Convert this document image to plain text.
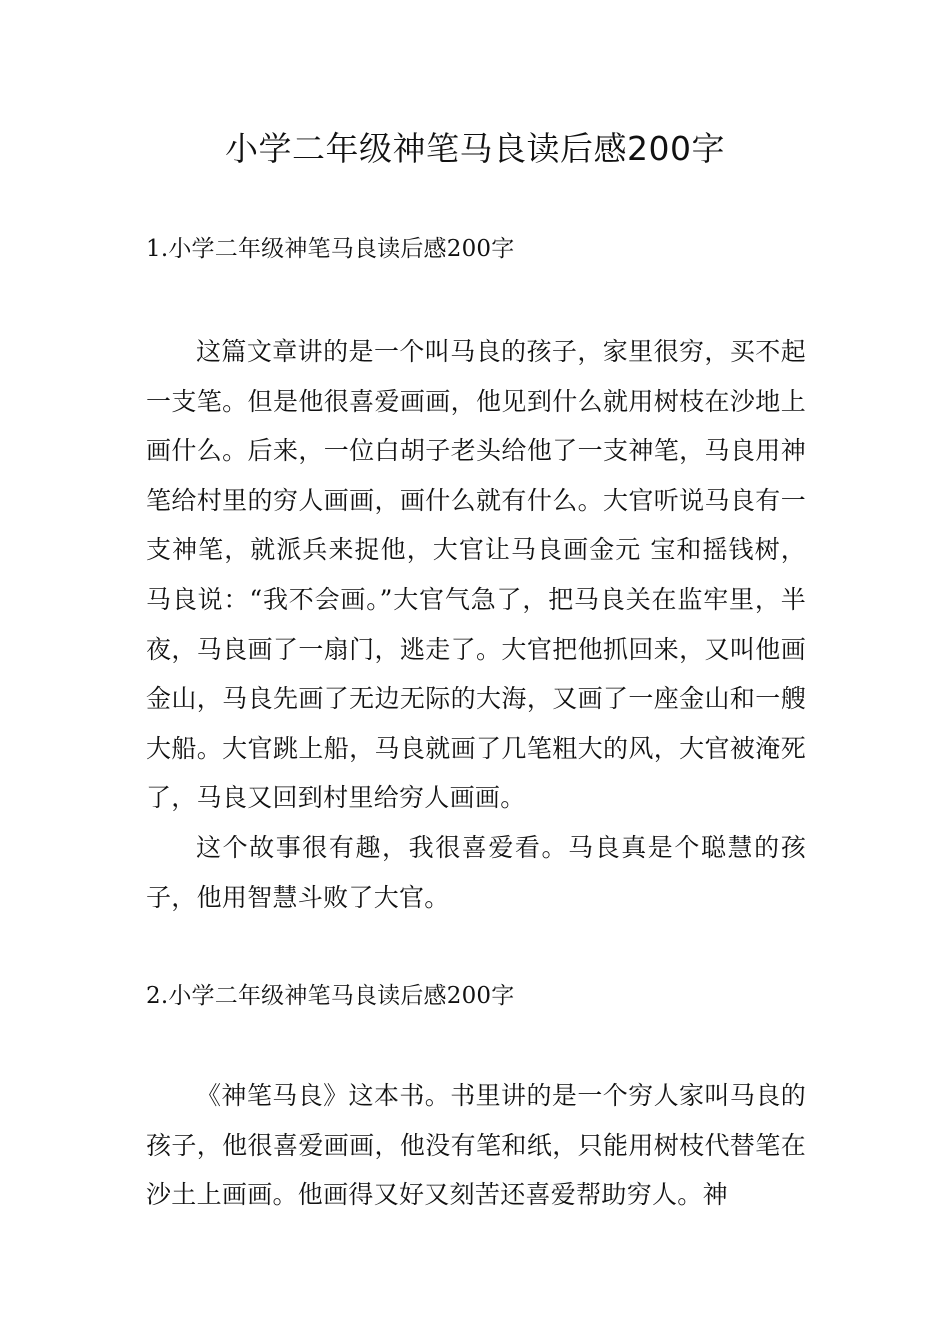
小学二年级神笔马良读后感200字
1.小学二年级神笔马良读后感200字

这篇文章讲的是一个叫马良的孩子，家里很穷，买不起一支笔。但是他很喜爱画画，他见到什么就用树枝在沙地上画什么。后来，一位白胡子老头给他了一支神笔，马良用神笔给村里的穷人画画，画什么就有什么。大官听说马良有一支神笔，就派兵来捉他，大官让马良画金元 宝和摇钱树，马良说：“我不会画。”大官气急了，把马良关在监牢里，半夜，马良画了一扇门，逃走了。大官把他抓回来，又叫他画金山，马良先画了无边无际的大海，又画了一座金山和一艘大船。大官跳上船，马良就画了几笔粗大的风，大官被淹死了，马良又回到村里给穷人画画。

这个故事很有趣，我很喜爱看。马良真是个聪慧的孩子，他用智慧斗败了大官。

2.小学二年级神笔马良读后感200字

《神笔马良》这本书。书里讲的是一个穷人家叫马良的孩子，他很喜爱画画，他没有笔和纸，只能用树枝代替笔在沙土上画画。他画得又好又刻苦还喜爱帮助穷人。神
